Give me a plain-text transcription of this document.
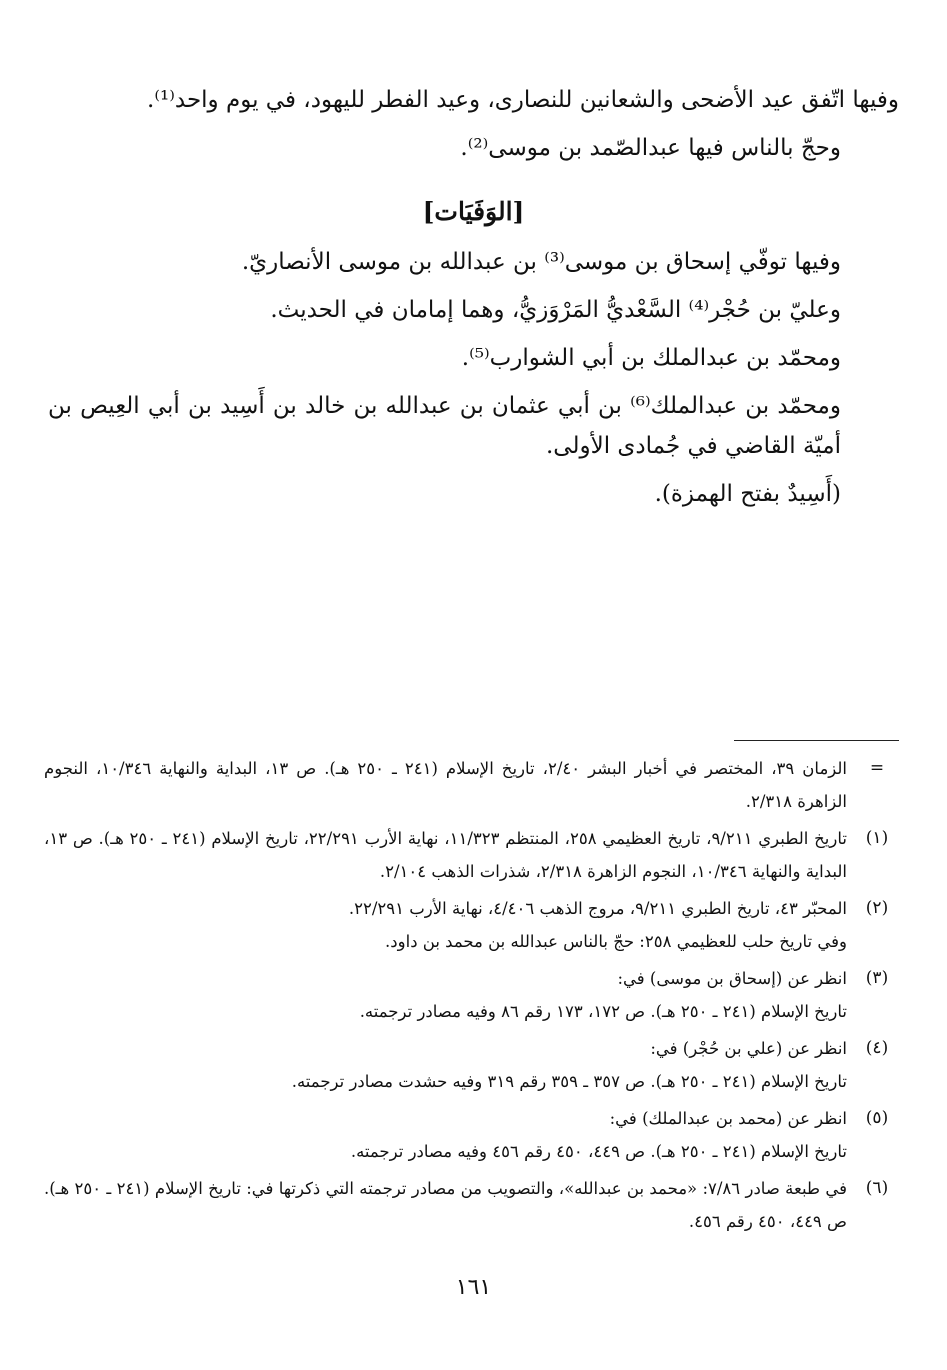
وفيها اتّفق عيد الأضحى والشعانين للنصارى، وعيد الفطر لليهود، في يوم واحد⁽¹⁾.

وحجّ بالناس فيها عبدالصّمد بن موسى⁽²⁾.

[الوَفَيَات]

وفيها توفّي إسحاق بن موسى⁽³⁾ بن عبدالله بن موسى الأنصاريّ.

وعليّ بن حُجْر⁽⁴⁾ السَّعْديُّ المَرْوَزيُّ، وهما إمامان في الحديث.

ومحمّد بن عبدالملك بن أبي الشوارب⁽⁵⁾.

ومحمّد بن عبدالملك⁽⁶⁾ بن أبي عثمان بن عبدالله بن خالد بن أَسِيد بن أبي العِيص بن أميّة القاضي في جُمادى الأولى.

(أَسِيدٌ بفتح الهمزة).

=

الزمان ٣٩، المختصر في أخبار البشر ٢/٤٠، تاريخ الإسلام (٢٤١ ـ ٢٥٠ هـ). ص ١٣، البداية والنهاية ١٠/٣٤٦، النجوم الزاهرة ٢/٣١٨.

(١)

تاريخ الطبري ٩/٢١١، تاريخ العظيمي ٢٥٨، المنتظم ١١/٣٢٣، نهاية الأرب ٢٢/٢٩١، تاريخ الإسلام (٢٤١ ـ ٢٥٠ هـ). ص ١٣، البداية والنهاية ١٠/٣٤٦، النجوم الزاهرة ٢/٣١٨، شذرات الذهب ٢/١٠٤.

(٢)

المحبّر ٤٣، تاريخ الطبري ٩/٢١١، مروج الذهب ٤/٤٠٦، نهاية الأرب ٢٢/٢٩١.

وفي تاريخ حلب للعظيمي ٢٥٨: حجّ بالناس عبدالله بن محمد بن داود.

(٣)

انظر عن (إسحاق بن موسى) في:

تاريخ الإسلام (٢٤١ ـ ٢٥٠ هـ). ص ١٧٢، ١٧٣ رقم ٨٦ وفيه مصادر ترجمته.

(٤)

انظر عن (علي بن حُجْر) في:

تاريخ الإسلام (٢٤١ ـ ٢٥٠ هـ). ص ٣٥٧ ـ ٣٥٩ رقم ٣١٩ وفيه حشدت مصادر ترجمته.

(٥)

انظر عن (محمد بن عبدالملك) في:

تاريخ الإسلام (٢٤١ ـ ٢٥٠ هـ). ص ٤٤٩، ٤٥٠ رقم ٤٥٦ وفيه مصادر ترجمته.

(٦)

في طبعة صادر ٧/٨٦: «محمد بن عبدالله»، والتصويب من مصادر ترجمته التي ذكرتها في: تاريخ الإسلام (٢٤١ ـ ٢٥٠ هـ). ص ٤٤٩، ٤٥٠ رقم ٤٥٦.

١٦١
